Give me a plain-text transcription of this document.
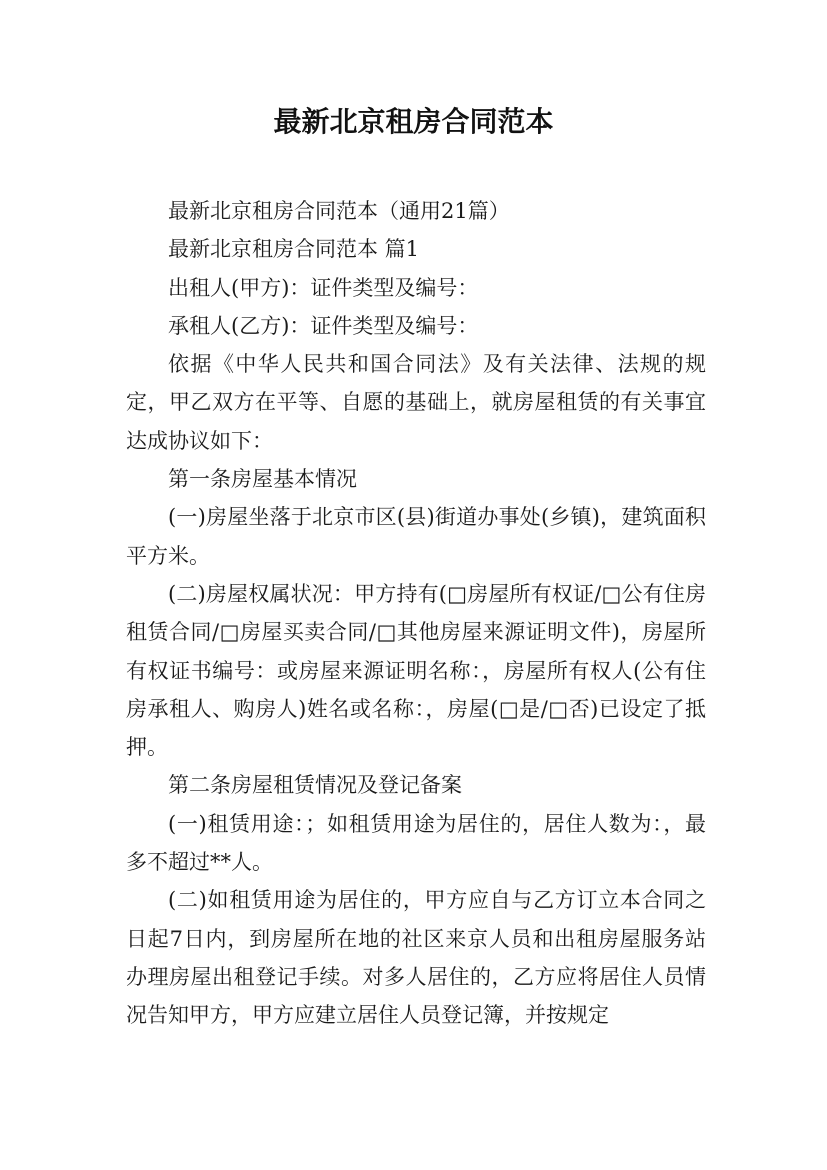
最新北京租房合同范本

最新北京租房合同范本（通用21篇）

最新北京租房合同范本 篇1

出租人(甲方)：证件类型及编号：

承租人(乙方)：证件类型及编号：

依据《中华人民共和国合同法》及有关法律、法规的规定，甲乙双方在平等、自愿的基础上，就房屋租赁的有关事宜达成协议如下：

第一条房屋基本情况

(一)房屋坐落于北京市区(县)街道办事处(乡镇)，建筑面积平方米。

(二)房屋权属状况：甲方持有(□房屋所有权证/□公有住房租赁合同/□房屋买卖合同/□其他房屋来源证明文件)，房屋所有权证书编号：或房屋来源证明名称：，房屋所有权人(公有住房承租人、购房人)姓名或名称：，房屋(□是/□否)已设定了抵押。

第二条房屋租赁情况及登记备案

(一)租赁用途：；如租赁用途为居住的，居住人数为：，最多不超过**人。

(二)如租赁用途为居住的，甲方应自与乙方订立本合同之日起7日内，到房屋所在地的社区来京人员和出租房屋服务站办理房屋出租登记手续。对多人居住的，乙方应将居住人员情况告知甲方，甲方应建立居住人员登记簿，并按规定
